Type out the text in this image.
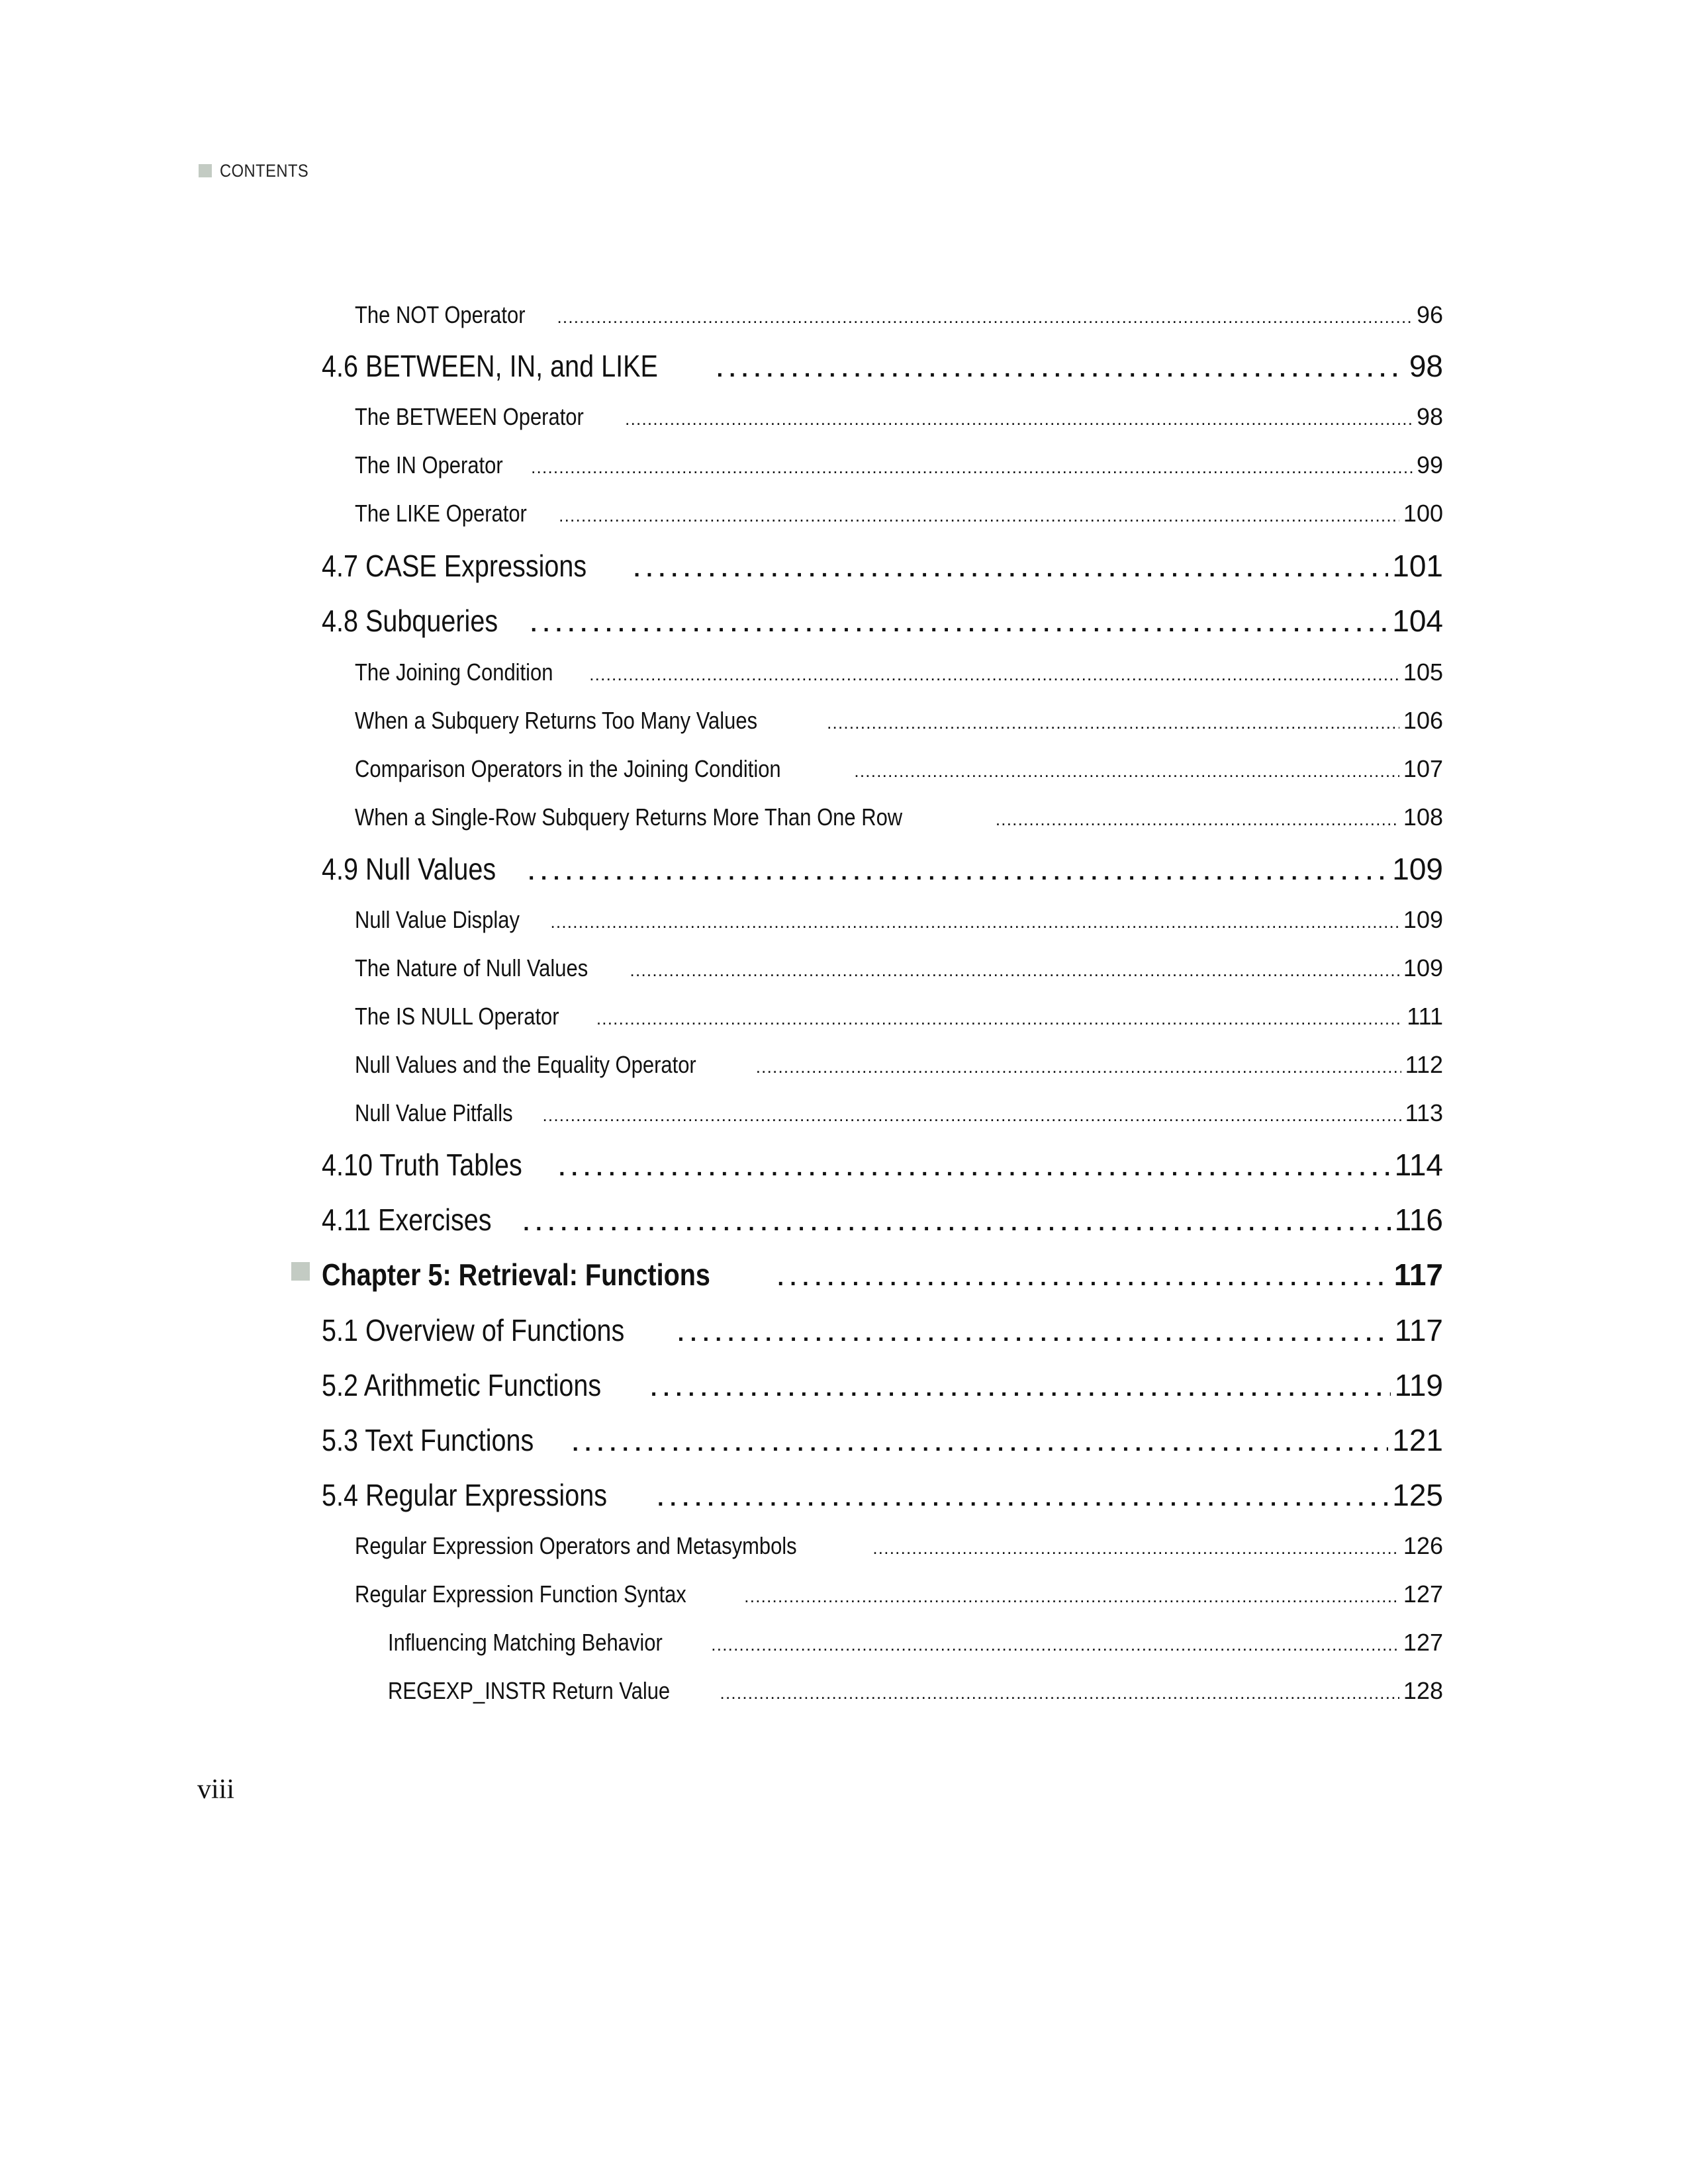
CONTENTS
The NOT Operator . . .	96
4.6 BETWEEN, IN, and LIKE . . .	98
The BETWEEN Operator . . .	98
The IN Operator . . .	99
The LIKE Operator . . .	100
4.7 CASE Expressions . . .	101
4.8 Subqueries . . .	104
The Joining Condition . . .	105
When a Subquery Returns Too Many Values . . .	106
Comparison Operators in the Joining Condition . . .	107
When a Single-Row Subquery Returns More Than One Row . . .	108
4.9 Null Values . . .	109
Null Value Display . . .	109
The Nature of Null Values . . .	109
The IS NULL Operator . . .	111
Null Values and the Equality Operator . . .	112
Null Value Pitfalls . . .	113
4.10 Truth Tables . . .	114
4.11 Exercises . . .	116
Chapter 5: Retrieval: Functions . . .	117
5.1 Overview of Functions . . .	117
5.2 Arithmetic Functions . . .	119
5.3 Text Functions . . .	121
5.4 Regular Expressions . . .	125
Regular Expression Operators and Metasymbols . . .	126
Regular Expression Function Syntax . . .	127
Influencing Matching Behavior . . .	127
REGEXP_INSTR Return Value . . .	128
viii
